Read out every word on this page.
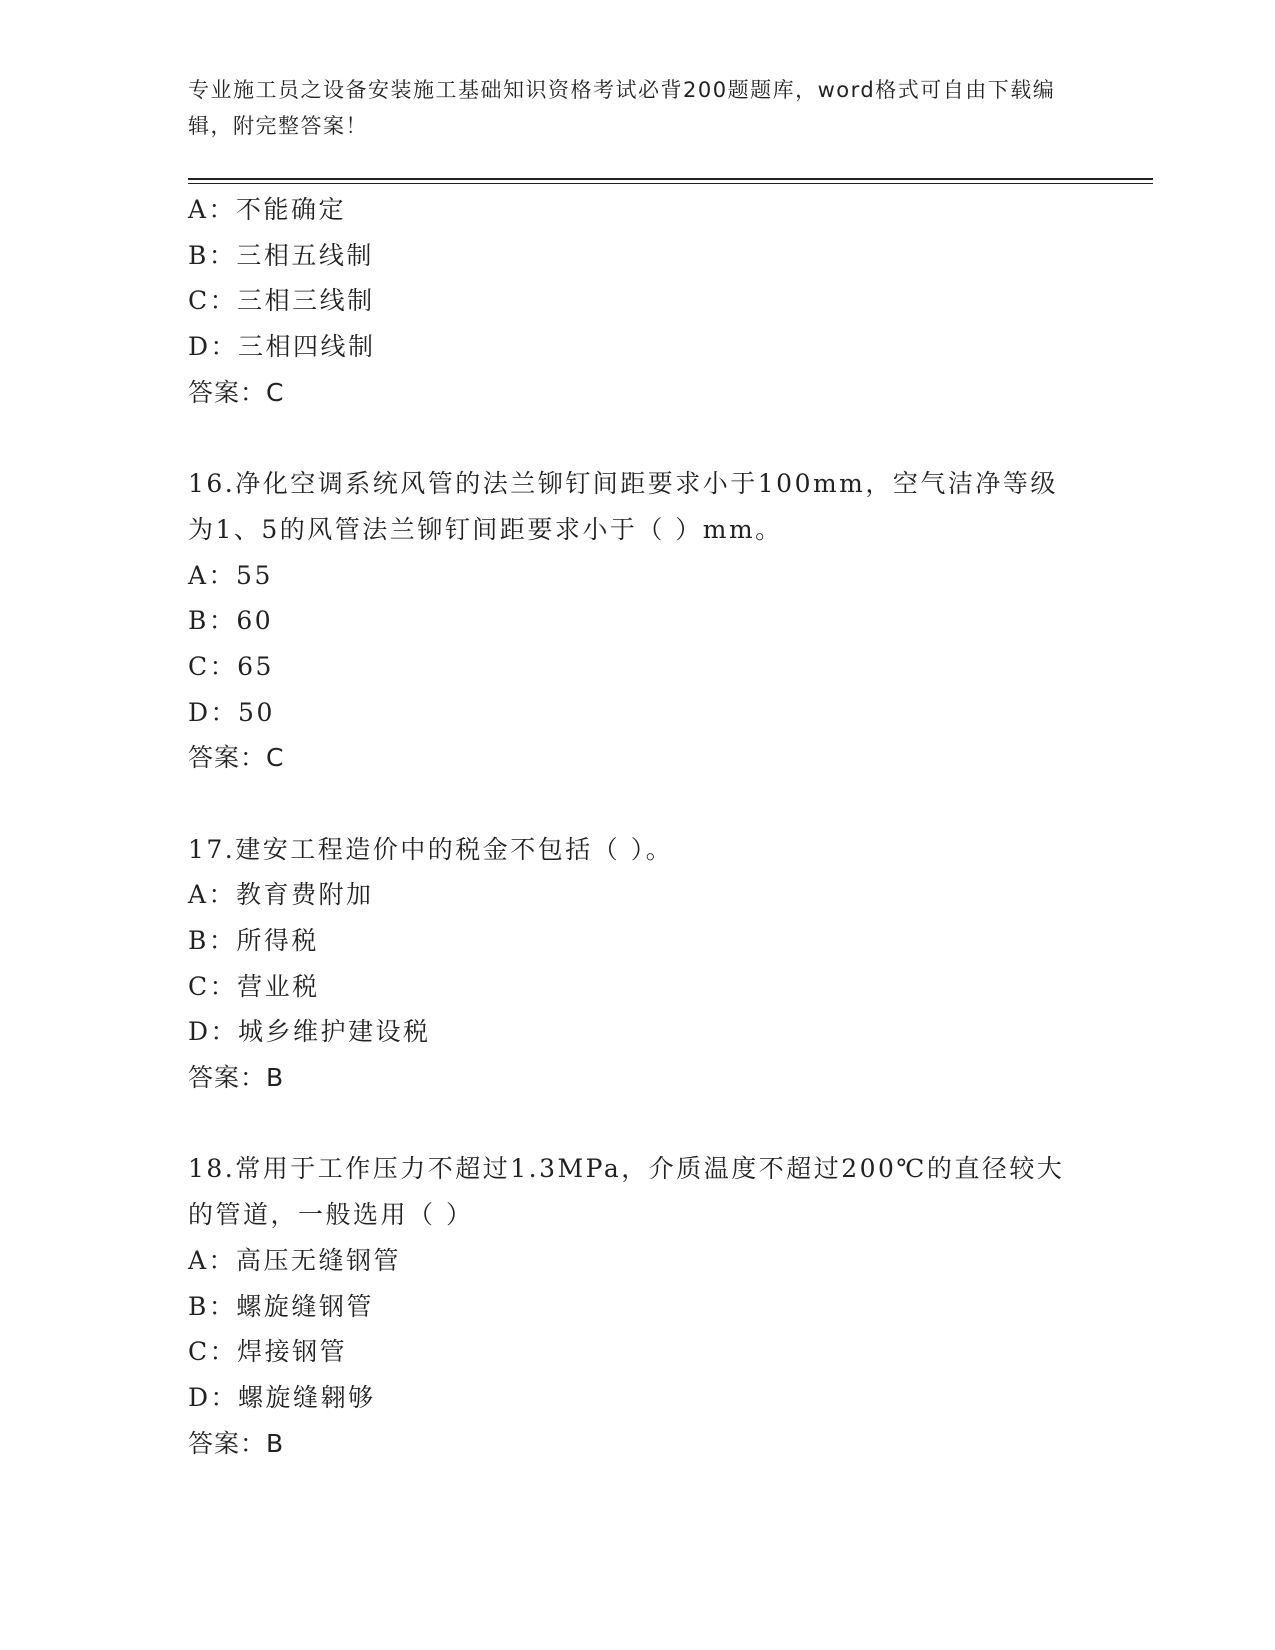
专业施工员之设备安装施工基础知识资格考试必背200题题库，word格式可自由下载编辑，附完整答案！
A：不能确定
B：三相五线制
C：三相三线制
D：三相四线制
答案：C
16.净化空调系统风管的法兰铆钉间距要求小于100mm，空气洁净等级为1、5的风管法兰铆钉间距要求小于（ ）mm。
A：55
B：60
C：65
D：50
答案：C
17.建安工程造价中的税金不包括（ ）。
A：教育费附加
B：所得税
C：营业税
D：城乡维护建设税
答案：B
18.常用于工作压力不超过1.3MPa，介质温度不超过200℃的直径较大的管道，一般选用（ ）
A：高压无缝钢管
B：螺旋缝钢管
C：焊接钢管
D：螺旋缝翱够
答案：B
